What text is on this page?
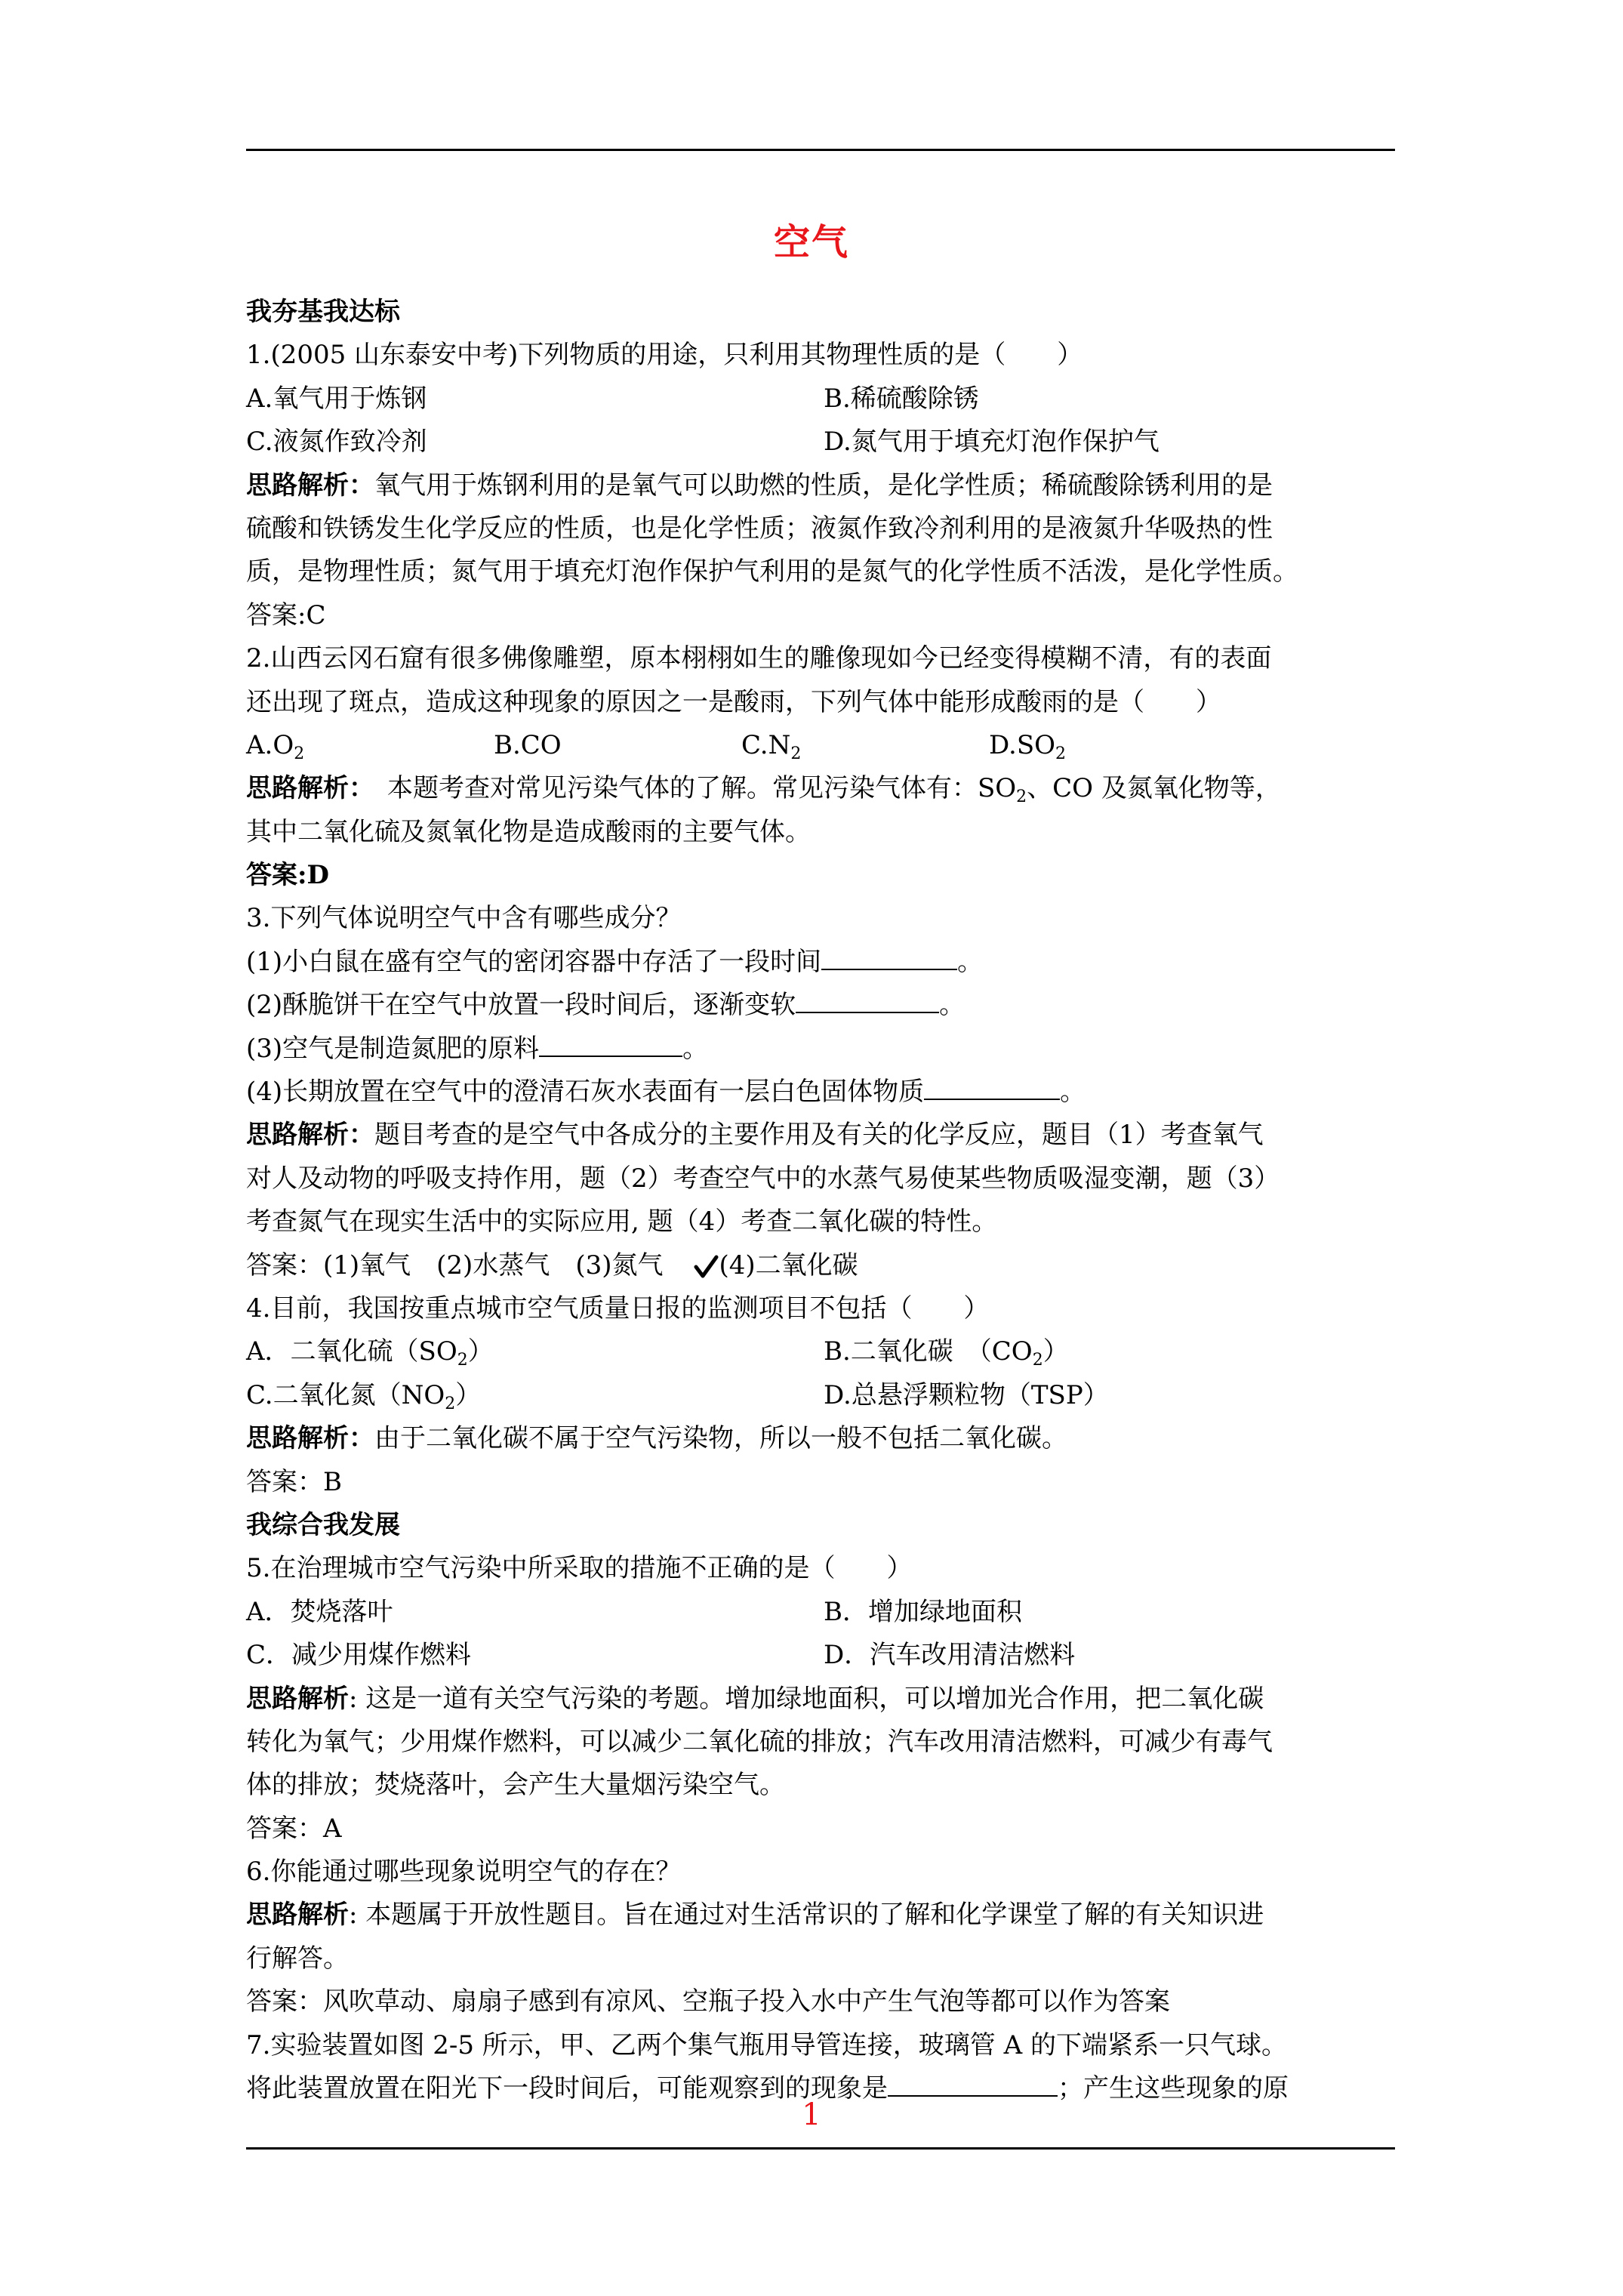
空气
我夯基我达标
1.(2005 山东泰安中考)下列物质的用途，只利用其物理性质的是（　　）
A.氧气用于炼钢	B.稀硫酸除锈
C.液氮作致冷剂	D.氮气用于填充灯泡作保护气
思路解析：氧气用于炼钢利用的是氧气可以助燃的性质，是化学性质；稀硫酸除锈利用的是
硫酸和铁锈发生化学反应的性质，也是化学性质；液氮作致冷剂利用的是液氮升华吸热的性
质，是物理性质；氮气用于填充灯泡作保护气利用的是氮气的化学性质不活泼，是化学性质。
答案:C
2.山西云冈石窟有很多佛像雕塑，原本栩栩如生的雕像现如今已经变得模糊不清，有的表面
还出现了斑点，造成这种现象的原因之一是酸雨，下列气体中能形成酸雨的是（　　）
$A.O_2$	B.CO	$C.N_2$	$D.SO_2$
思路解析：　本题考查对常见污染气体的了解。常见污染气体有：$SO_2$、CO 及氮氧化物等，
其中二氧化硫及氮氧化物是造成酸雨的主要气体。
答案:D
3.下列气体说明空气中含有哪些成分？
(1)小白鼠在盛有空气的密闭容器中存活了一段时间	。
(2)酥脆饼干在空气中放置一段时间后，逐渐变软	。
(3)空气是制造氮肥的原料	。
(4)长期放置在空气中的澄清石灰水表面有一层白色固体物质	。
思路解析：题目考查的是空气中各成分的主要作用及有关的化学反应，题目（1）考查氧气
对人及动物的呼吸支持作用，题（2）考查空气中的水蒸气易使某些物质吸湿变潮，题（3）
考查氮气在现实生活中的实际应用, 题（4）考查二氧化碳的特性。
答案：(1)氧气　(2)水蒸气　(3)氮气　(4)二氧化碳
4.目前，我国按重点城市空气质量日报的监测项目不包括（　　）
A．二氧化硫$(SO_2)$	B.二氧化碳　$(CO_2)$
C.二氧化氮$(NO_2)$	D.总悬浮颗粒物（TSP）
思路解析：由于二氧化碳不属于空气污染物，所以一般不包括二氧化碳。
答案：B
我综合我发展
5.在治理城市空气污染中所采取的措施不正确的是（　　）
A．焚烧落叶	B．增加绿地面积
C．减少用煤作燃料	D．汽车改用清洁燃料
思路解析: 这是一道有关空气污染的考题。增加绿地面积，可以增加光合作用，把二氧化碳
转化为氧气；少用煤作燃料，可以减少二氧化硫的排放；汽车改用清洁燃料，可减少有毒气
体的排放；焚烧落叶，会产生大量烟污染空气。
答案：A
6.你能通过哪些现象说明空气的存在？
思路解析: 本题属于开放性题目。旨在通过对生活常识的了解和化学课堂了解的有关知识进
行解答。
答案：风吹草动、扇扇子感到有凉风、空瓶子投入水中产生气泡等都可以作为答案
7.实验装置如图 2-5 所示，甲、乙两个集气瓶用导管连接，玻璃管 A 的下端紧系一只气球。
将此装置放置在阳光下一段时间后，可能观察到的现象是	；产生这些现象的原
1
